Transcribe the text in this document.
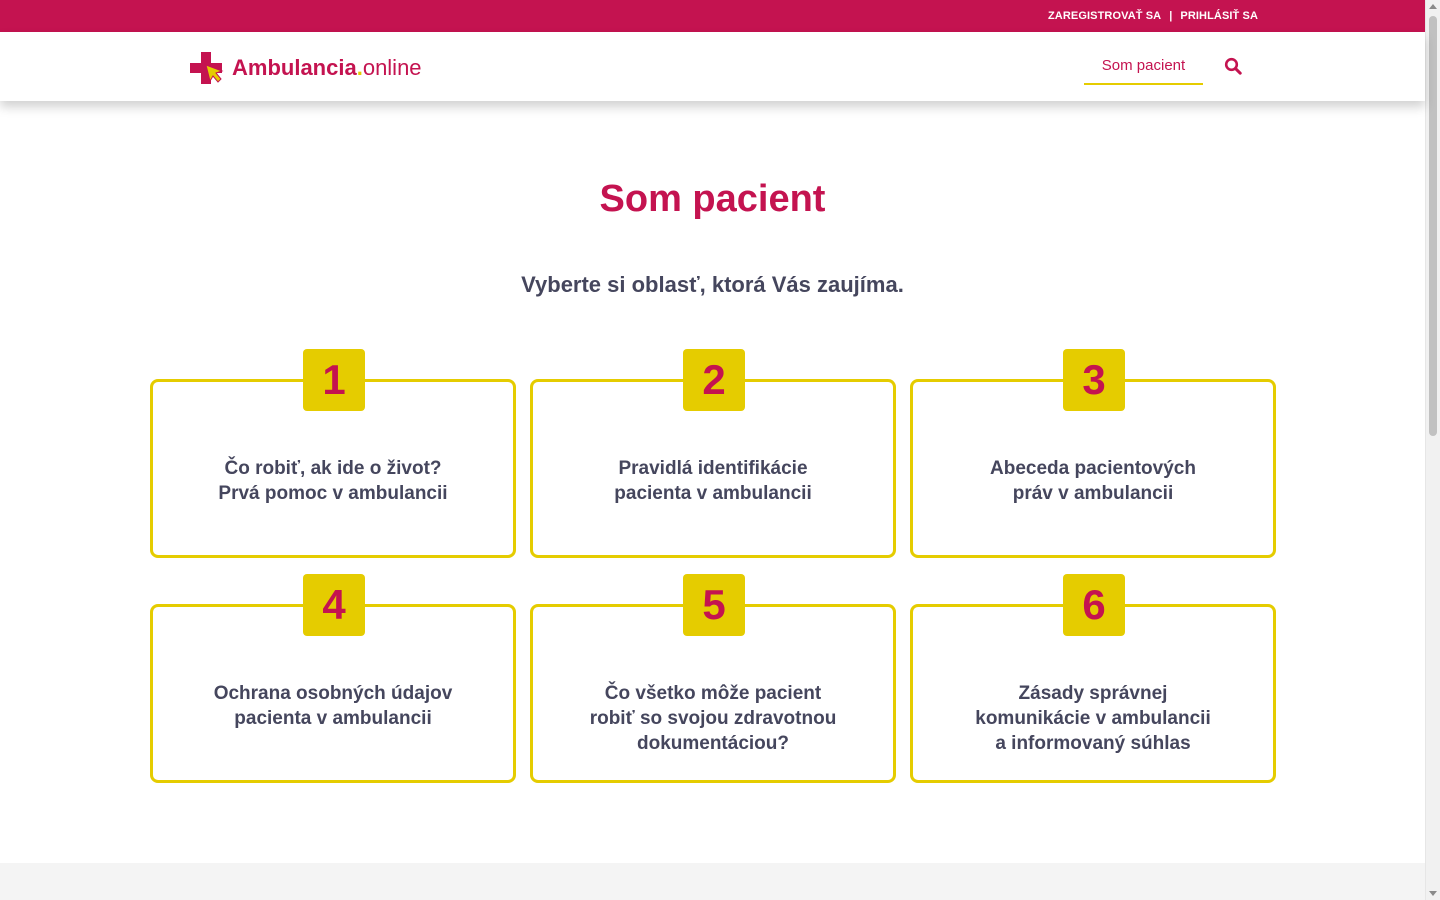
ZAREGISTROVAŤ SA | PRIHLÁSIŤ SA
Ambulancia.online	Som pacient
Som pacient
Vyberte si oblasť, ktorá Vás zaujíma.
1
Čo robiť, ak ide o život?
Prvá pomoc v ambulancii
2
Pravidlá identifikácie
pacienta v ambulancii
3
Abeceda pacientových
práv v ambulancii
4
Ochrana osobných údajov
pacienta v ambulancii
5
Čo všetko môže pacient
robiť so svojou zdravotnou
dokumentáciou?
6
Zásady správnej
komunikácie v ambulancii
a informovaný súhlas
